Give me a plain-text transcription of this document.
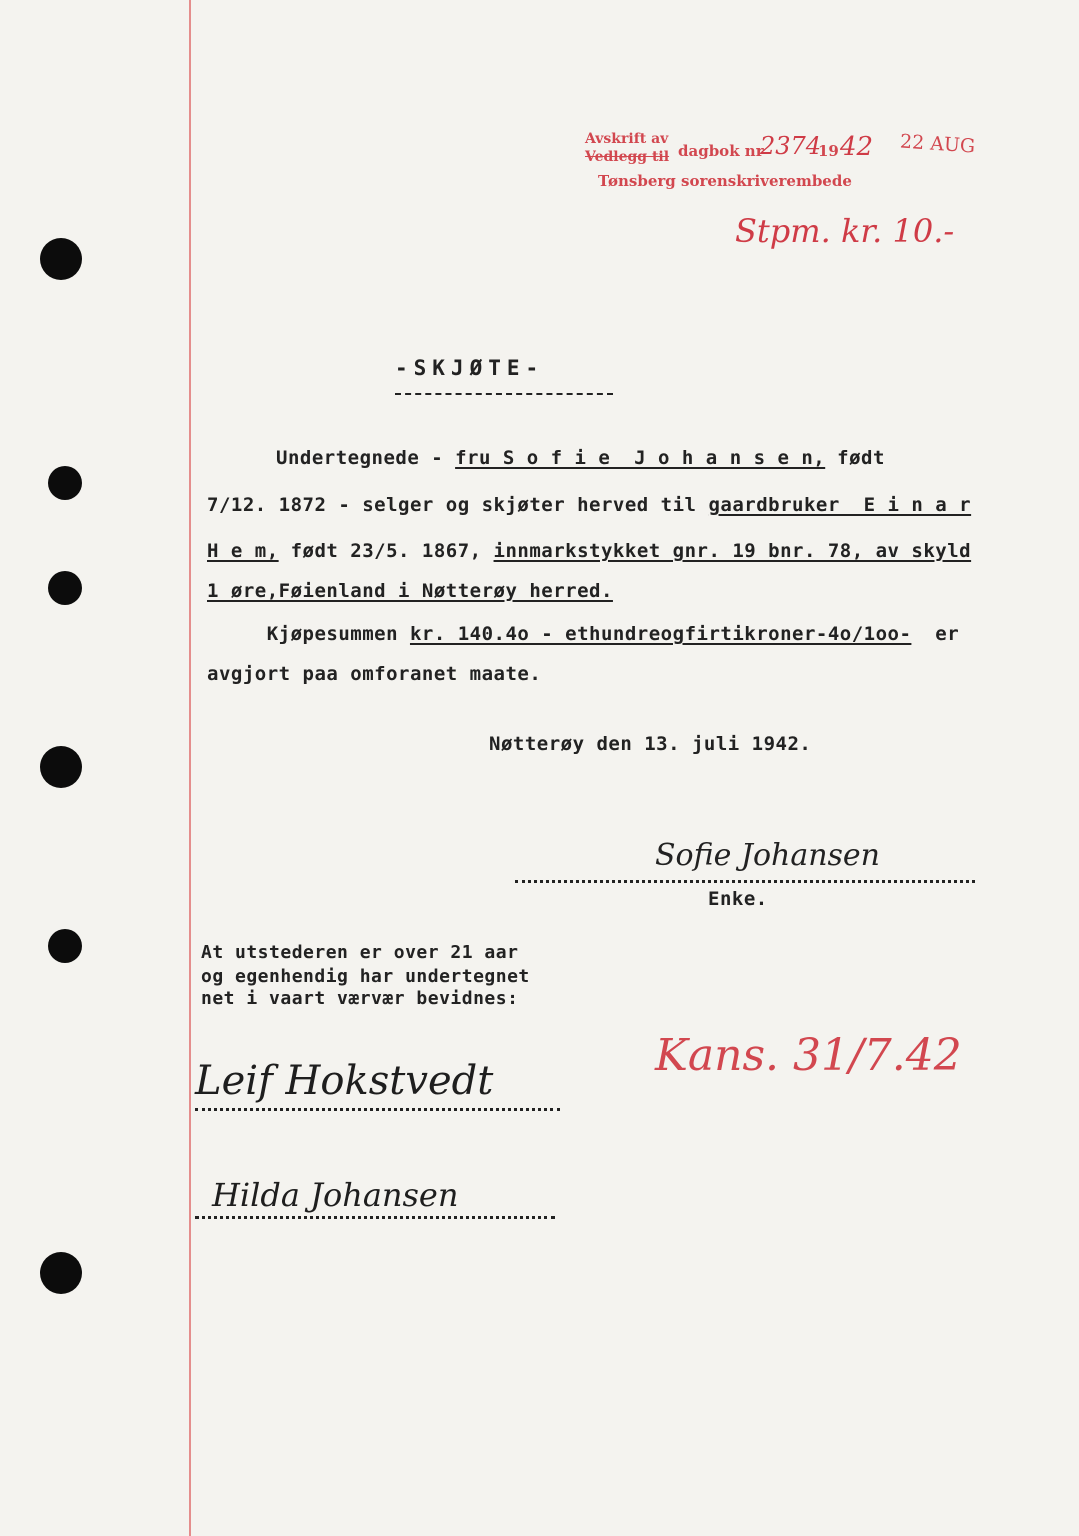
Avskrift av
Vedlegg til dagbok nr
2374
19 42 22 AUG
Tønsberg sorenskriverembede
Stpm. kr. 10.-
-SKJØTE-
Undertegnede - fru S o f i e  J o h a n s e n, født
7/12. 1872 - selger og skjøter herved til gaardbruker  E i n a r
H e m, født 23/5. 1867, innmarkstykket gnr. 19 bnr. 78, av skyld
1 øre,Føienland i Nøtterøy herred.
Kjøpesummen kr. 140.4o - ethundreogfirtikroner-4o/1oo-  er
avgjort paa omforanet maate.
Nøtterøy den 13. juli 1942.
Sofie Johansen
Enke.
At utstederen er over 21 aar
og egenhendig har undertegnet
net i vaart værvær bevidnes:
Kans. 31/7.42
Leif Hokstvedt
Hilda Johansen
